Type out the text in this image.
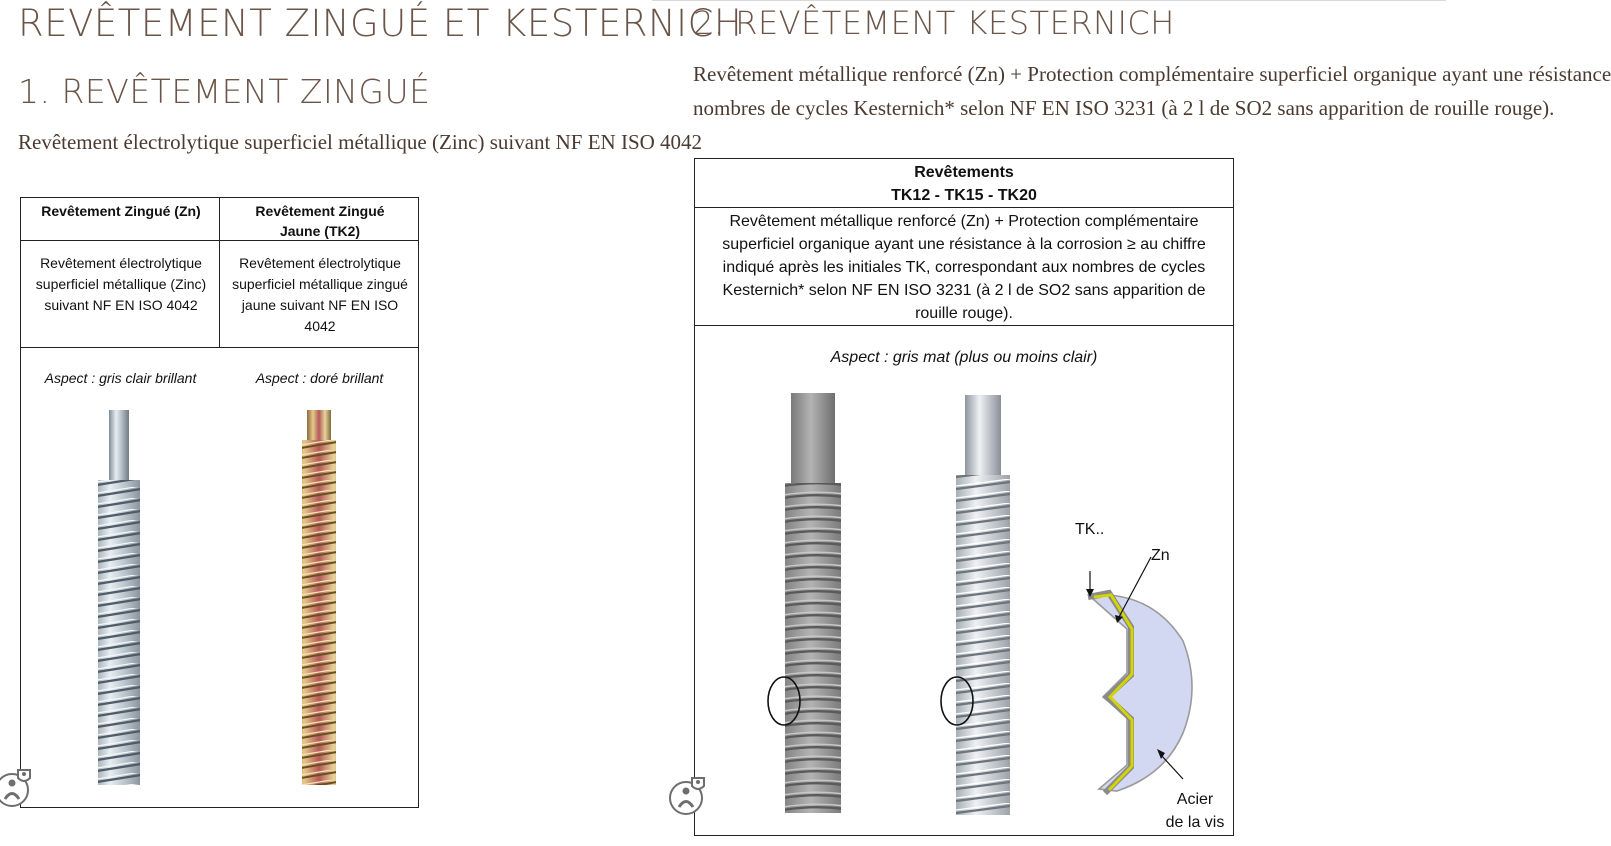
REVÊTEMENT ZINGUÉ ET KESTERNICH
1. REVÊTEMENT ZINGUÉ

Revêtement électrolytique superficiel métallique (Zinc) suivant NF EN ISO 4042

Revêtement Zingué (Zn)	Revêtement Zingué Jaune (TK2)
Revêtement électrolytique superficiel métallique (Zinc) suivant NF EN ISO 4042
Revêtement électrolytique superficiel métallique zingué jaune suivant NF EN ISO 4042
Aspect : gris clair brillant	Aspect : doré brillant
2. REVÊTEMENT KESTERNICH

Revêtement métallique renforcé (Zn) + Protection complémentaire superficiel organique ayant une résistance

nombres de cycles Kesternich* selon NF EN ISO 3231 (à 2 l de SO2 sans apparition de rouille rouge).

Revêtements
TK12 - TK15 - TK20
Revêtement métallique renforcé (Zn) + Protection complémentaire superficiel organique ayant une résistance à la corrosion ≥ au chiffre indiqué après les initiales TK, correspondant aux nombres de cycles Kesternich* selon NF EN ISO 3231 (à 2 l de SO2 sans apparition de rouille rouge).
Aspect : gris mat (plus ou moins clair)
TK..
Zn
Acier
de la vis
